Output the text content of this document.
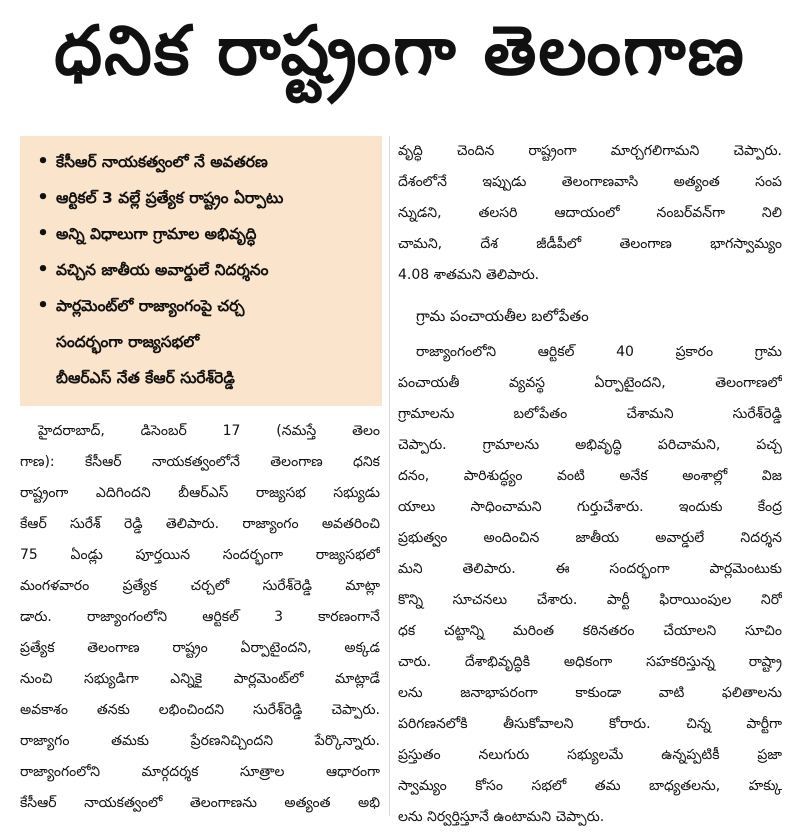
ధనిక రాష్ట్రంగా తెలంగాణ
• కేసీఆర్ నాయకత్వంలో నే అవతరణ
• ఆర్టికల్ 3 వల్లే ప్రత్యేక రాష్ట్రం ఏర్పాటు
• అన్ని విధాలుగా గ్రామాల అభివృద్ధి
• వచ్చిన జాతీయ అవార్డులే నిదర్శనం
• పార్లమెంట్‌లో రాజ్యాంగంపై చర్చ
సందర్భంగా రాజ్యసభలో
బీఆర్ఎస్ నేత కేఆర్ సురేశ్‌రెడ్డి
హైదరాబాద్, డిసెంబర్ 17 (నమస్తే తెలం
గాణ): కేసీఆర్ నాయకత్వంలోనే తెలంగాణ ధనిక
రాష్ట్రంగా ఎదిగిందని బీఆర్ఎస్ రాజ్యసభ సభ్యుడు
కేఆర్ సురేశ్ రెడ్డి తెలిపారు. రాజ్యాంగం అవతరించి
75 ఏండ్లు పూర్తయిన సందర్భంగా రాజ్యసభలో
మంగళవారం ప్రత్యేక చర్చలో సురేశ్‌రెడ్డి మాట్లా
డారు. రాజ్యాంగంలోని ఆర్టికల్ 3 కారణంగానే
ప్రత్యేక తెలంగాణ రాష్ట్రం ఏర్పాటైందని, అక్కడ
నుంచి సభ్యుడిగా ఎన్నికై పార్లమెంట్‌లో మాట్లాడే
అవకాశం తనకు లభించిందని సురేశ్‌రెడ్డి చెప్పారు.
రాజ్యాగం తమకు ప్రేరణనిచ్చిందని పేర్కొన్నారు.
రాజ్యాంగంలోని మార్గదర్శక సూత్రాల ఆధారంగా
కేసీఆర్ నాయకత్వంలో తెలంగాణను అత్యంత అభి
వృద్ధి చెందిన రాష్ట్రంగా మార్చగలిగామని చెప్పారు.
దేశంలోనే ఇప్పుడు తెలంగాణవాసి అత్యంత సంప
న్నుడని, తలసరి ఆదాయంలో నంబర్‌వన్‌గా నిలి
చామని, దేశ జీడీపీలో తెలంగాణ భాగస్వామ్యం
4.08 శాతమని తెలిపారు.
గ్రామ పంచాయతీల బలోపేతం
రాజ్యాంగంలోని ఆర్టికల్ 40 ప్రకారం గ్రామ
పంచాయతీ వ్యవస్థ ఏర్పాటైందని, తెలంగాణలో
గ్రామాలను బలోపేతం చేశామని సురేశ్‌రెడ్డి
చెప్పారు. గ్రామాలను అభివృద్ధి పరిచామని, పచ్చ
దనం, పారిశుద్ధ్యం వంటి అనేక అంశాల్లో విజ
యాలు సాధించామని గుర్తుచేశారు. ఇందుకు కేంద్ర
ప్రభుత్వం అందించిన జాతీయ అవార్డులే నిదర్శన
మని తెలిపారు. ఈ సందర్భంగా పార్లమెంటుకు
కొన్ని సూచనలు చేశారు. పార్టీ ఫిరాయింపుల నిరో
ధక చట్టాన్ని మరింత కఠినతరం చేయాలని సూచిం
చారు. దేశాభివృద్ధికి అధికంగా సహకరిస్తున్న రాష్ట్రా
లను జనాభాపరంగా కాకుండా వాటి ఫలితాలను
పరిగణనలోకి తీసుకోవాలని కోరారు. చిన్న పార్టీగా
ప్రస్తుతం నలుగురు సభ్యులమే ఉన్నప్పటికీ ప్రజా
స్వామ్యం కోసం సభలో తమ బాధ్యతలను, హక్కు
లను నిర్వర్తిస్తూనే ఉంటామని చెప్పారు.
